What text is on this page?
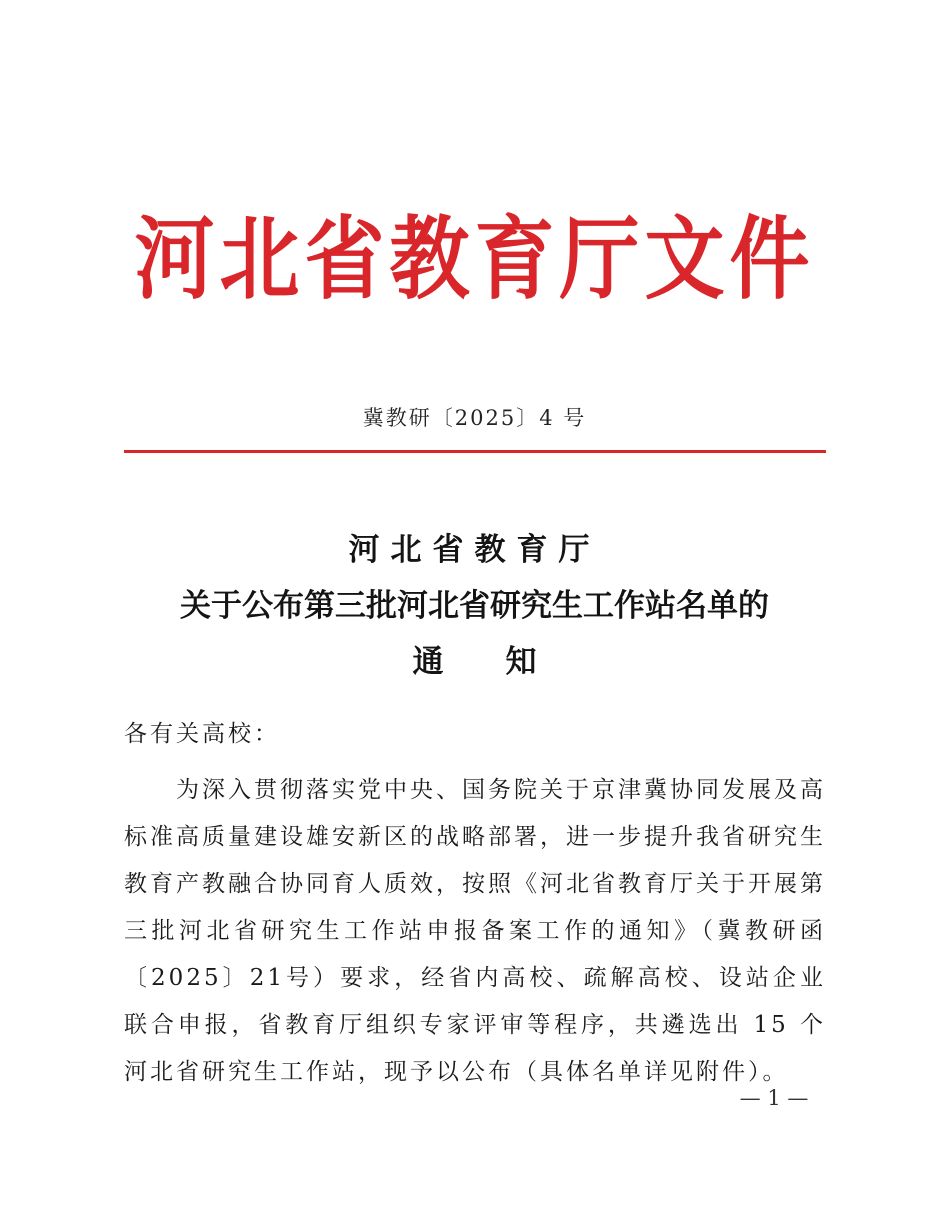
河北省教育厅文件
冀教研〔2025〕4 号
河北省教育厅
关于公布第三批河北省研究生工作站名单的
通　　知
各有关高校：

为深入贯彻落实党中央、国务院关于京津冀协同发展及高标准高质量建设雄安新区的战略部署，进一步提升我省研究生教育产教融合协同育人质效，按照《河北省教育厅关于开展第三批河北省研究生工作站申报备案工作的通知》（冀教研函〔2025〕21号）要求，经省内高校、疏解高校、设站企业联合申报，省教育厅组织专家评审等程序，共遴选出 15 个河北省研究生工作站，现予以公布（具体名单详见附件）。

— 1 —
